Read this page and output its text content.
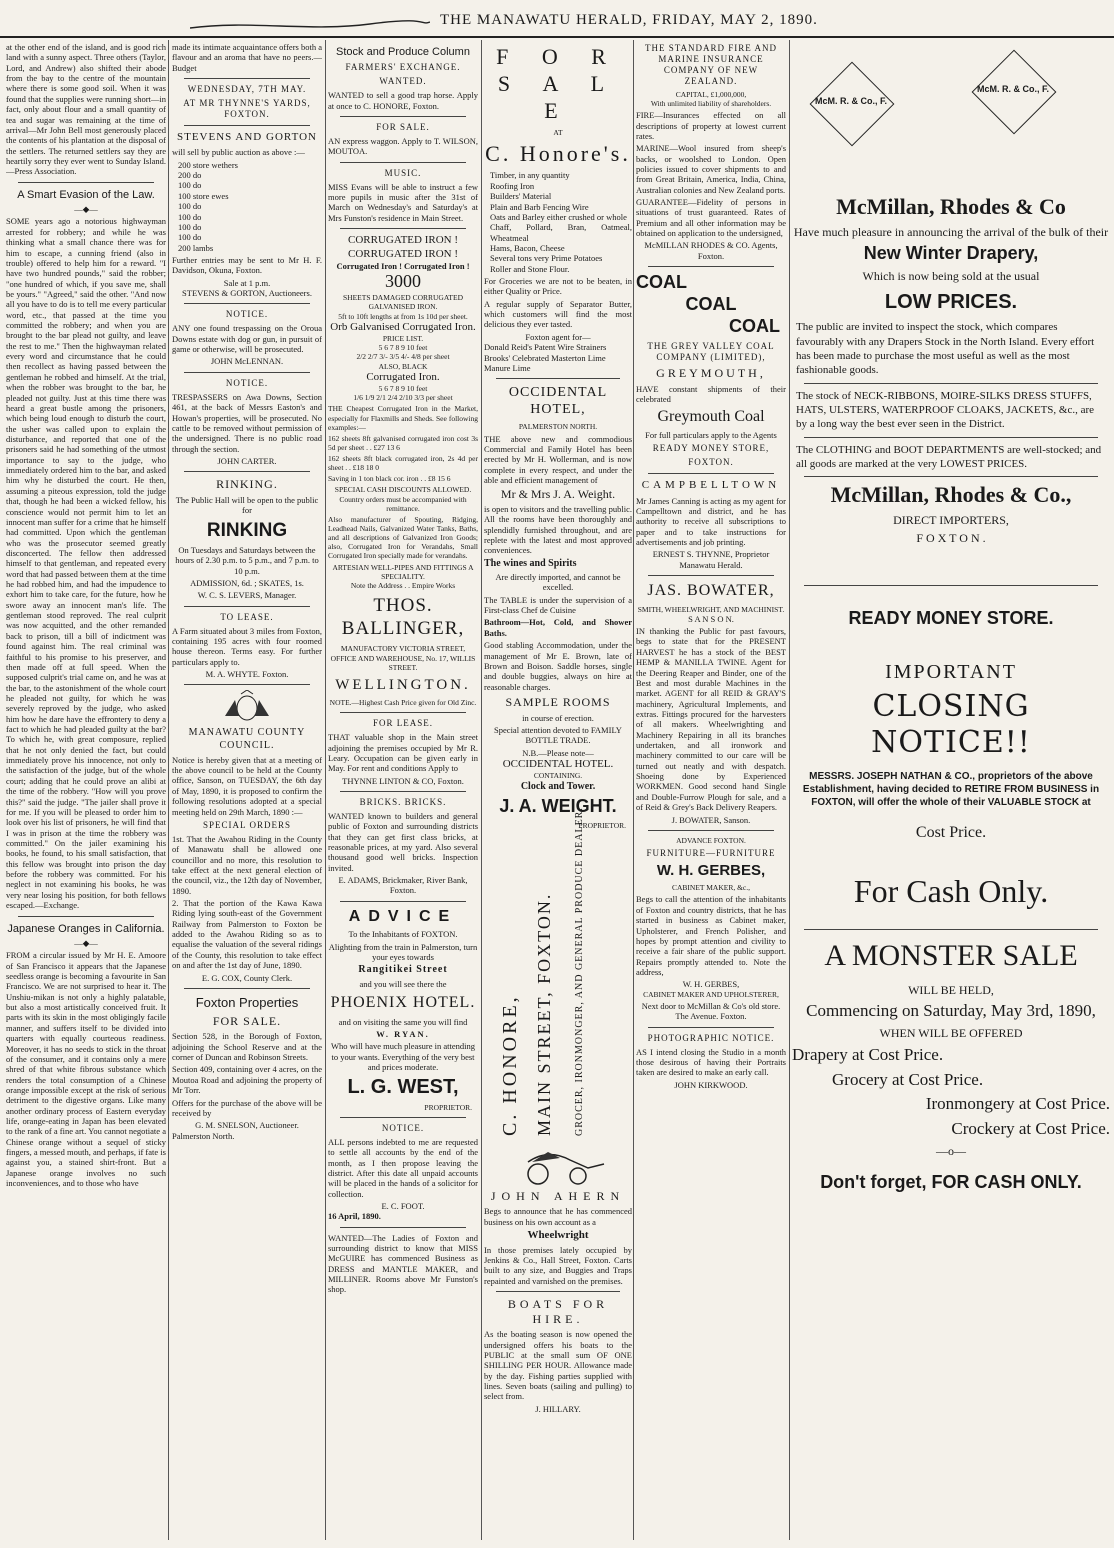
THE MANAWATU HERALD, FRIDAY, MAY 2, 1890.

at the other end of the island, and is good rich land with a sunny aspect. Three others (Taylor, Lord, and Andrew) also shifted their abode from the bay to the centre of the mountain where there is some good soil. When it was found that the supplies were running short—in fact, only about flour and a small quantity of tea and sugar was remaining at the time of arrival—Mr John Bell most generously placed the contents of his plantation at the disposal of the settlers. The returned settlers say they are heartily sorry they ever went to Sunday Island.—Press Association.

A Smart Evasion of the Law.
—◆—

SOME years ago a notorious highwayman arrested for robbery; and while he was thinking what a small chance there was for him to escape, a cunning friend (also in trouble) offered to help him for a reward. "I have two hundred pounds," said the robber; "one hundred of which, if you save me, shall be yours." "Agreed," said the other. "And now all you have to do is to tell me every particular word, etc., that passed at the time you committed the robbery; and when you are brought to the bar plead not guilty, and leave the rest to me." Then the highwayman related every word and circumstance that he could then recollect as having passed between the gentleman he robbed and himself. At the trial, when the robber was brought to the bar, he pleaded not guilty. Just at this time there was heard a great bustle among the prisoners, which being loud enough to disturb the court, the usher was called upon to explain the disturbance, and reported that one of the prisoners said he had something of the utmost importance to say to the judge, who immediately ordered him to the bar, and asked him why he disturbed the court. He then, assuming a piteous expression, told the judge that, though he had been a wicked fellow, his conscience would not permit him to let an innocent man suffer for a crime that he himself had committed. Upon which the gentleman who was the prosecutor seemed greatly disconcerted. The fellow then addressed himself to that gentleman, and repeated every word that had passed between them at the time he had robbed him, and had the impudence to exhort him to take care, for the future, how he swore away an innocent man's life. The gentleman stood reproved. The real culprit was now acquitted, and the other remanded back to prison, till a bill of indictment was found against him. The real criminal was faithful to his promise to his preserver, and then made off at full speed. When the supposed culprit's trial came on, and he was at the bar, to the astonishment of the whole court he pleaded not guilty, for which he was severely reproved by the judge, who asked him how he dare have the effrontery to deny a fact to which he had pleaded guilty at the bar? To which he, with great composure, replied that he not only denied the fact, but could immediately prove his innocence, not only to the satisfaction of the judge, but of the whole court; adding that he could prove an alibi at the time of the robbery. "How will you prove this?" said the judge. "The jailer shall prove it for me. If you will be pleased to order him to look over his list of prisoners, he will find that I was in prison at the time the robbery was committed." On the jailer examining his books, he found, to his small satisfaction, that this fellow was brought into prison the day before the robbery was committed. For his neglect in not examining his books, he was very near losing his position, for both fellows escaped.—Exchange.

Japanese Oranges in California.
—◆—

FROM a circular issued by Mr H. E. Amoore of San Francisco it appears that the Japanese seedless orange is becoming a favourite in San Francisco. We are not surprised to hear it. The Unshiu-mikan is not only a highly palatable, but also a most artistically conceived fruit. It parts with its skin in the most obligingly facile manner, and suffers itself to be divided into quarters with equally courteous readiness. Moreover, it has no seeds to stick in the throat of the consumer, and it contains only a mere shred of that white fibrous substance which renders the total consumption of a Chinese orange impossible except at the risk of serious detriment to the digestive organs. Like many another ordinary process of Eastern everyday life, orange-eating in Japan has been elevated to the rank of a fine art. You cannot negotiate a Chinese orange without a sequel of sticky fingers, a messed mouth, and perhaps, if fate is against you, a stained shirt-front. But a Japanese orange involves no such inconveniences, and to those who have

made its intimate acquaintance offers both a flavour and an aroma that have no peers.—Budget

WEDNESDAY, 7TH MAY.
AT MR THYNNE'S YARDS, FOXTON.
STEVENS AND GORTON

will sell by public auction as above :—

200 store wethers
200 do
100 do
100 store ewes
100 do
100 do
100 do
100 do
200 lambs

Further entries may be sent to Mr H. F. Davidson, Okuna, Foxton.

Sale at 1 p.m.
STEVENS & GORTON, Auctioneers.
NOTICE.

ANY one found trespassing on the Oroua Downs estate with dog or gun, in pursuit of game or otherwise, will be prosecuted.

JOHN McLENNAN.
NOTICE.

TRESPASSERS on Awa Downs, Section 461, at the back of Messrs Easton's and Howan's properties, will be prosecuted. No cattle to be removed without permission of the undersigned. There is no public road through the section.

JOHN CARTER.
RINKING.

The Public Hall will be open to the public for

RINKING

On Tuesdays and Saturdays between the hours of 2.30 p.m. to 5 p.m., and 7 p.m. to 10 p.m.

ADMISSION, 6d. ; SKATES, 1s.

W. C. S. LEVERS, Manager.
TO LEASE.

A Farm situated about 3 miles from Foxton, containing 195 acres with four roomed house thereon. Terms easy. For further particulars apply to.

M. A. WHYTE. Foxton.
MANAWATU COUNTY COUNCIL.

Notice is hereby given that at a meeting of the above council to be held at the County office, Sanson, on TUESDAY, the 6th day of May, 1890, it is proposed to confirm the following resolutions adopted at a special meeting held on 29th March, 1890 :—

SPECIAL ORDERS

1st. That the Awahou Riding in the County of Manawatu shall be allowed one councillor and no more, this resolution to take effect at the next general election of the council, viz., the 12th day of November, 1890.

2. That the portion of the Kawa Kawa Riding lying south-east of the Government Railway from Palmerston to Foxton be added to the Awahou Riding so as to equalise the valuation of the several ridings of the County, this resolution to take effect on and after the 1st day of June, 1890.

E. G. COX, County Clerk.
Foxton Properties
FOR SALE.

Section 528, in the Borough of Foxton, adjoining the School Reserve and at the corner of Duncan and Robinson Streets.

Section 409, containing over 4 acres, on the Moutoa Road and adjoining the property of Mr Torr.

Offers for the purchase of the above will be received by

G. M. SNELSON, Auctioneer.
Palmerston North.
Stock and Produce Column
FARMERS' EXCHANGE.
WANTED.

WANTED to sell a good trap horse. Apply at once to C. HONORE, Foxton.

FOR SALE.

AN express waggon. Apply to T. WILSON, MOUTOA.

MUSIC.

MISS Evans will be able to instruct a few more pupils in music after the 31st of March on Wednesday's and Saturday's at Mrs Funston's residence in Main Street.

CORRUGATED IRON !
CORRUGATED IRON !
Corrugated Iron ! Corrugated Iron !
3000
SHEETS DAMAGED CORRUGATED GALVANISED IRON.
5ft to 10ft lengths at from 1s 10d per sheet.
Orb Galvanised Corrugated Iron.
PRICE LIST.
5 6 7 8 9 10 feet
2/2 2/7 3/- 3/5 4/- 4/8 per sheet
ALSO, BLACK
Corrugated Iron.
5 6 7 8 9 10 feet
1/6 1/9 2/1 2/4 2/10 3/3 per sheet

THE Cheapest Corrugated Iron in the Market, especially for Flaxmills and Sheds. See following examples:—

162 sheets 8ft galvanised corrugated iron cost 3s 5d per sheet . . £27 13 6

162 sheets 8ft black corrugated iron, 2s 4d per sheet . . £18 18 0

Saving in 1 ton black cor. iron . . £8 15 6

SPECIAL CASH DISCOUNTS ALLOWED.
Country orders must be accompanied with remittance.

Also manufacturer of Spouting, Ridging, Leadhead Nails, Galvanized Water Tanks, Baths, and all descriptions of Galvanized Iron Goods; also, Corrugated Iron for Verandahs, Small Corrugated Iron specially made for verandahs.

ARTESIAN WELL-PIPES AND FITTINGS A SPECIALITY.
Note the Address . . Empire Works
THOS. BALLINGER,
MANUFACTORY VICTORIA STREET, OFFICE AND WAREHOUSE, No. 17, WILLIS STREET.
WELLINGTON.
NOTE.—Highest Cash Price given for Old Zinc.
FOR LEASE.

THAT valuable shop in the Main street adjoining the premises occupied by Mr R. Leary. Occupation can be given early in May. For rent and conditions Apply to

THYNNE LINTON & CO, Foxton.
BRICKS. BRICKS.

WANTED known to builders and general public of Foxton and surrounding districts that they can get first class bricks, at reasonable prices, at my yard. Also several thousand good well bricks. Inspection invited.

E. ADAMS, Brickmaker, River Bank, Foxton.
ADVICE
To the Inhabitants of FOXTON.

Alighting from the train in Palmerston, turn your eyes towards

Rangitikei Street

and you will see there the

PHOENIX HOTEL.

and on visiting the same you will find

W. RYAN.

Who will have much pleasure in attending to your wants. Everything of the very best and prices moderate.

L. G. WEST,
PROPRIETOR.
NOTICE.

ALL persons indebted to me are requested to settle all accounts by the end of the month, as I then propose leaving the district. After this date all unpaid accounts will be placed in the hands of a solicitor for collection.

E. C. FOOT.
16 April, 1890.

WANTED—The Ladies of Foxton and surrounding district to know that MISS McGUIRE has commenced Business as DRESS and MANTLE MAKER, and MILLINER. Rooms above Mr Funston's shop.

F O R S A L E
AT
C. Honore's.
Timber, in any quantity
Roofing Iron
Builders' Material
Plain and Barb Fencing Wire
Oats and Barley either crushed or whole
Chaff, Pollard, Bran, Oatmeal, Wheatmeal
Hams, Bacon, Cheese
Several tons very Prime Potatoes
Roller and Stone Flour.

For Groceries we are not to be beaten, in either Quality or Price.

A regular supply of Separator Butter, which customers will find the most delicious they ever tasted.

Foxton agent for—
Donald Reid's Patent Wire Strainers
Brooks' Celebrated Masterton Lime
Manure Lime
OCCIDENTAL HOTEL,
PALMERSTON NORTH.

THE above new and commodious Commercial and Family Hotel has been erected by Mr H. Wollerman, and is now complete in every respect, and under the able and efficient management of

Mr & Mrs J. A. Weight.

is open to visitors and the travelling public. All the rooms have been thoroughly and splendidly furnished throughout, and are replete with the latest and most approved conveniences.

The wines and Spirits

Are directly imported, and cannot be excelled.

The TABLE is under the supervision of a First-class Chef de Cuisine

Bathroom—Hot, Cold, and Shower Baths.

Good stabling Accommodation, under the management of Mr E. Brown, late of Brown and Boison. Saddle horses, single and double buggies, always on hire at reasonable charges.

SAMPLE ROOMS
in course of erection.

Special attention devoted to FAMILY BOTTLE TRADE.

N.B.—Please note—
OCCIDENTAL HOTEL.
CONTAINING.
Clock and Tower.
J. A. WEIGHT.
PROPRIETOR.
C. HONORE, MAIN STREET, FOXTON. GROCER, IRONMONGER, AND GENERAL PRODUCE DEALER.
JOHN AHERN

Begs to announce that he has commenced business on his own account as a

Wheelwright

In those premises lately occupied by Jenkins & Co., Hall Street, Foxton. Carts built to any size, and Buggies and Traps repainted and varnished on the premises.

BOATS FOR HIRE.

As the boating season is now opened the undersigned offers his boats to the PUBLIC at the small sum OF ONE SHILLING PER HOUR. Allowance made by the day. Fishing parties supplied with lines. Seven boats (sailing and pulling) to select from.

J. HILLARY.
THE STANDARD FIRE AND MARINE INSURANCE COMPANY OF NEW ZEALAND.
CAPITAL, £1,000,000,
With unlimited liability of shareholders.

FIRE—Insurances effected on all descriptions of property at lowest current rates.

MARINE—Wool insured from sheep's backs, or woolshed to London. Open policies issued to cover shipments to and from Great Britain, America, India, China, Australian colonies and New Zealand ports.

GUARANTEE—Fidelity of persons in situations of trust guaranteed. Rates of Premium and all other information may be obtained on application to the undersigned,

McMILLAN RHODES & CO. Agents, Foxton.
COAL
COAL
COAL
THE GREY VALLEY COAL COMPANY (LIMITED),
GREYMOUTH,

HAVE constant shipments of their celebrated

Greymouth Coal

For full particulars apply to the Agents

READY MONEY STORE,
FOXTON.
CAMPBELLTOWN

Mr James Canning is acting as my agent for Campelltown and district, and he has authority to receive all subscriptions to paper and to take instructions for advertisements and job printing.

ERNEST S. THYNNE, Proprietor Manawatu Herald.
JAS. BOWATER,
SMITH, WHEELWRIGHT, AND MACHINIST.
S A N S O N.

IN thanking the Public for past favours, begs to state that for the PRESENT HARVEST he has a stock of the BEST HEMP & MANILLA TWINE. Agent for the Deering Reaper and Binder, one of the Best and most durable Machines in the market. AGENT for all REID & GRAY'S machinery, Agricultural Implements, and extras. Fittings procured for the harvesters of all makers. Wheelwrighting and Machinery Repairing in all its branches undertaken, and all ironwork and machinery committed to our care will be turned out neatly and with despatch. Shoeing done by Experienced WORKMEN. Good second hand Single and Double-Furrow Plough for sale, and a of Reid & Grey's Back Delivery Reapers.

J. BOWATER, Sanson.
ADVANCE FOXTON.
FURNITURE—FURNITURE
W. H. GERBES,
CABINET MAKER, &c.,

Begs to call the attention of the inhabitants of Foxton and country districts, that he has started in business as Cabinet maker, Upholsterer, and French Polisher, and hopes by prompt attention and civility to receive a fair share of the public support. Repairs promptly attended to. Note the address,

W. H. GERBES,
CABINET MAKER AND UPHOLSTERER,

Next door to McMillan & Co's old store. The Avenue. Foxton.

PHOTOGRAPHIC NOTICE.

AS I intend closing the Studio in a month those desirous of having their Portraits taken are desired to make an early call.

JOHN KIRKWOOD.
McM. R. & Co., F.
McM. R. & Co., F.
McMillan, Rhodes & Co
Have much pleasure in announcing the arrival of the bulk of their
New Winter Drapery,
Which is now being sold at the usual
LOW PRICES.
The public are invited to inspect the stock, which compares favourably with any Drapers Stock in the North Island. Every effort has been made to purchase the most useful as well as the most fashionable goods.
The stock of NECK-RIBBONS, MOIRE-SILKS DRESS STUFFS, HATS, ULSTERS, WATERPROOF CLOAKS, JACKETS, &c., are by a long way the best ever seen in the District.
The CLOTHING and BOOT DEPARTMENTS are well-stocked; and all goods are marked at the very LOWEST PRICES.
McMillan, Rhodes & Co.,
DIRECT IMPORTERS,
F O X T O N .
READY MONEY STORE.
IMPORTANT
CLOSING NOTICE!!
MESSRS. JOSEPH NATHAN & CO., proprietors of the above Establishment, having decided to RETIRE FROM BUSINESS in FOXTON, will offer the whole of their VALUABLE STOCK at
Cost Price.
For Cash Only.
A MONSTER SALE
WILL BE HELD,
Commencing on Saturday, May 3rd, 1890,
WHEN WILL BE OFFERED
Drapery at Cost Price.
Grocery at Cost Price.
Ironmongery at Cost Price.
Crockery at Cost Price.
—o—
Don't forget, FOR CASH ONLY.
